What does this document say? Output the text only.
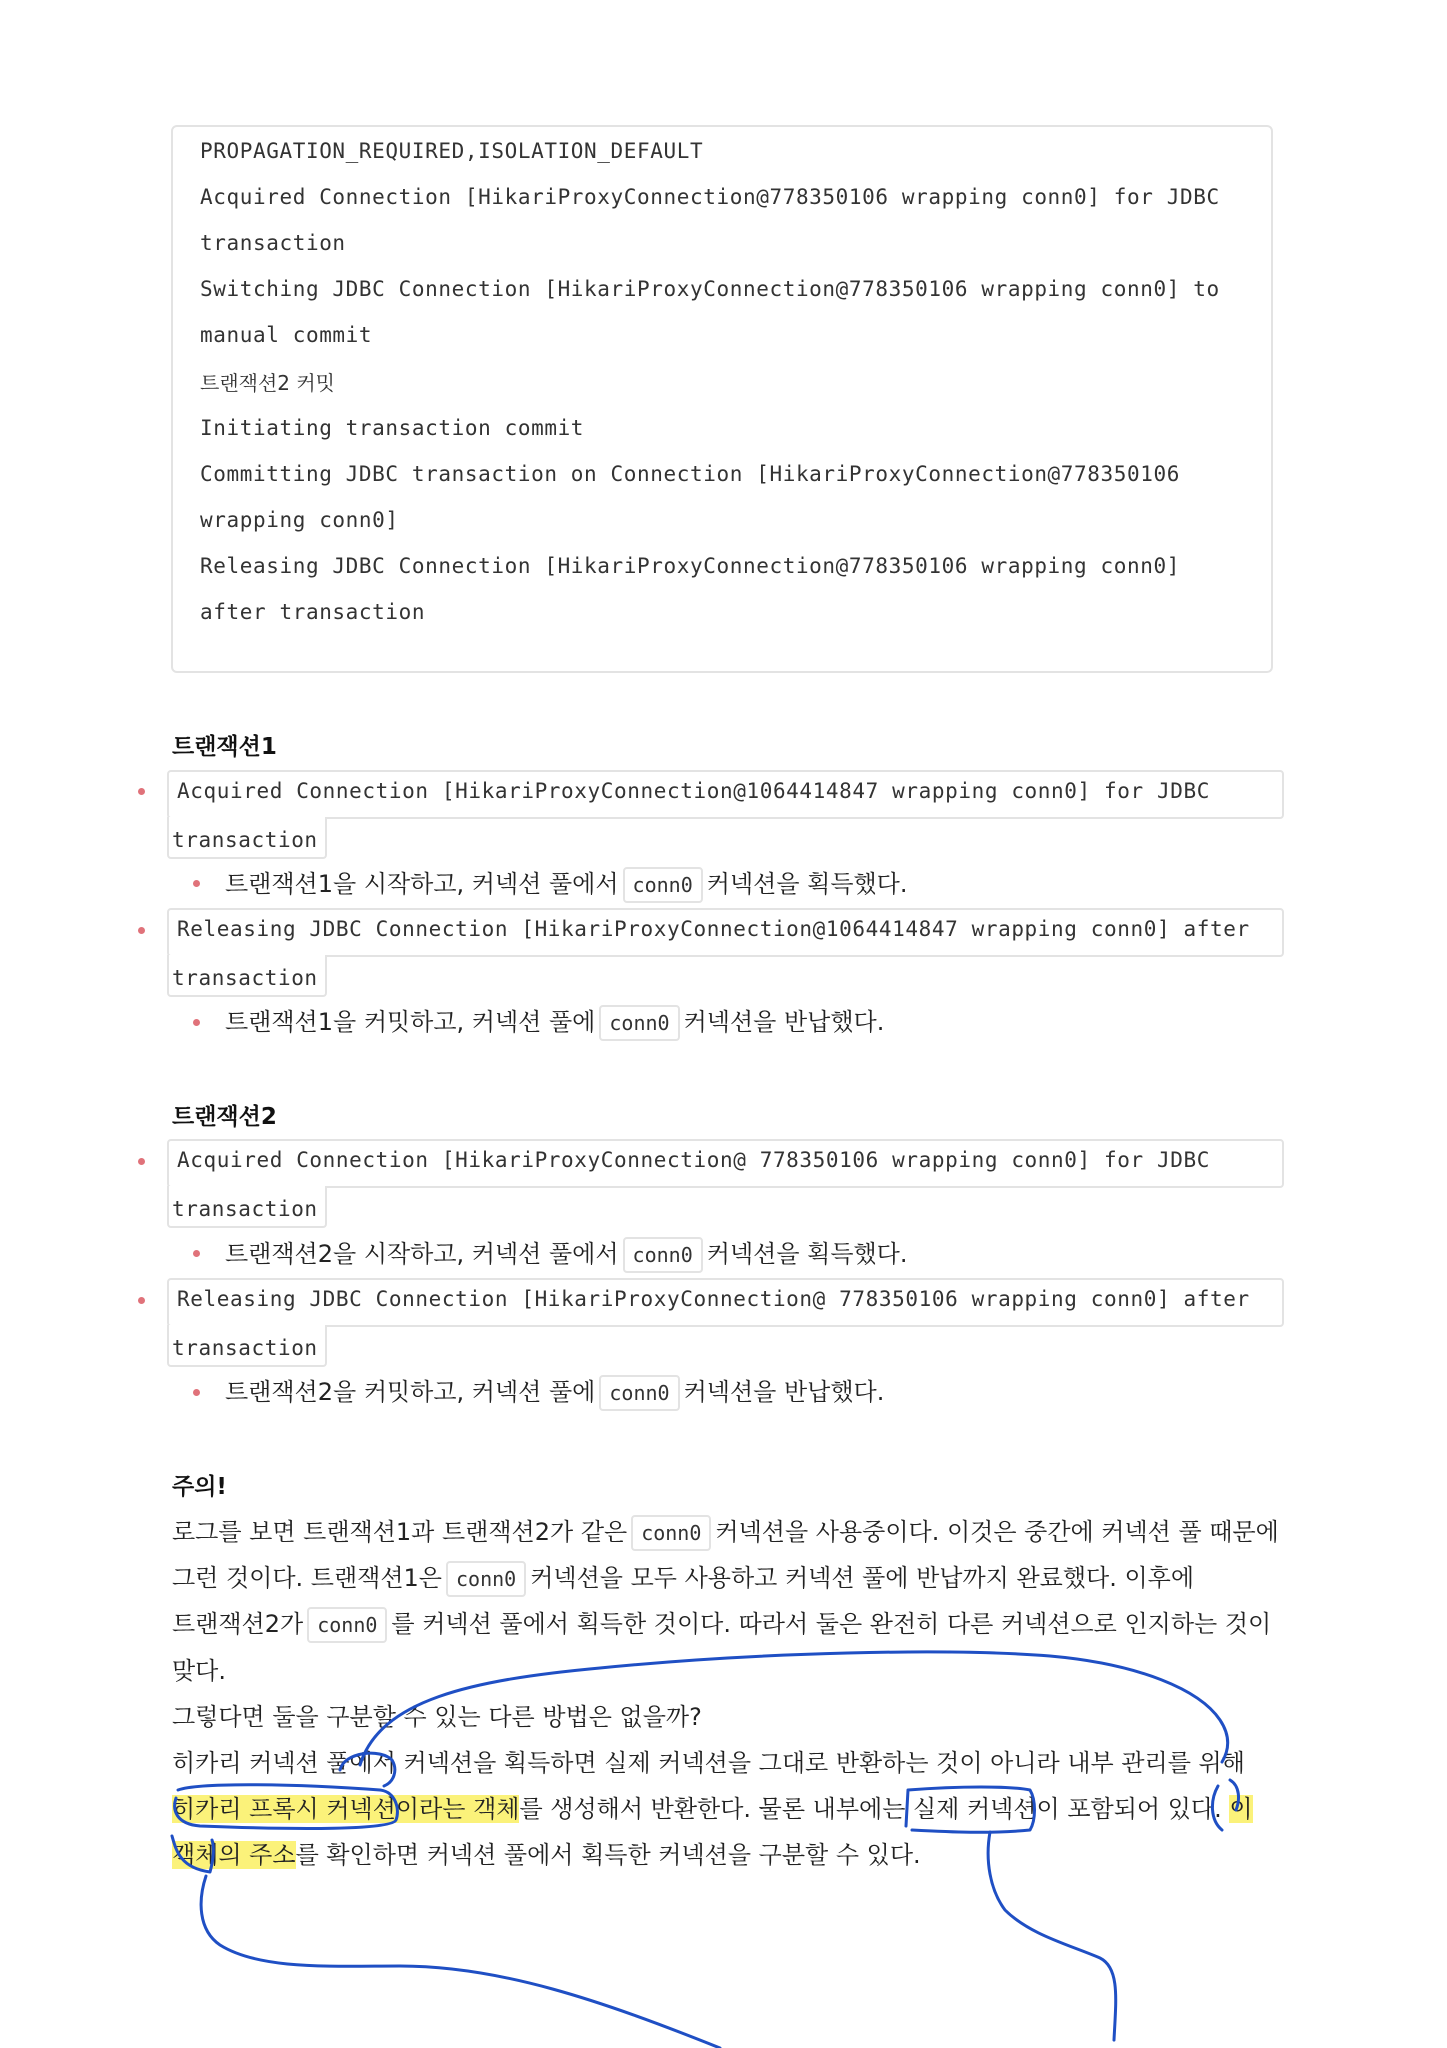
PROPAGATION_REQUIRED,ISOLATION_DEFAULT
Acquired Connection [HikariProxyConnection@778350106 wrapping conn0] for JDBC
transaction
Switching JDBC Connection [HikariProxyConnection@778350106 wrapping conn0] to
manual commit
트랜잭션2 커밋
Initiating transaction commit
Committing JDBC transaction on Connection [HikariProxyConnection@778350106
wrapping conn0]
Releasing JDBC Connection [HikariProxyConnection@778350106 wrapping conn0]
after transaction
트랜잭션1
Acquired Connection [HikariProxyConnection@1064414847 wrapping conn0] for JDBC
transaction
트랜잭션1을 시작하고, 커넥션 풀에서 conn0 커넥션을 획득했다.
Releasing JDBC Connection [HikariProxyConnection@1064414847 wrapping conn0] after
transaction
트랜잭션1을 커밋하고, 커넥션 풀에 conn0 커넥션을 반납했다.
트랜잭션2
Acquired Connection [HikariProxyConnection@ 778350106 wrapping conn0] for JDBC
transaction
트랜잭션2을 시작하고, 커넥션 풀에서 conn0 커넥션을 획득했다.
Releasing JDBC Connection [HikariProxyConnection@ 778350106 wrapping conn0] after
transaction
트랜잭션2을 커밋하고, 커넥션 풀에 conn0 커넥션을 반납했다.
주의!
로그를 보면 트랜잭션1과 트랜잭션2가 같은 conn0 커넥션을 사용중이다. 이것은 중간에 커넥션 풀 때문에
그런 것이다. 트랜잭션1은 conn0 커넥션을 모두 사용하고 커넥션 풀에 반납까지 완료했다. 이후에
트랜잭션2가 conn0 를 커넥션 풀에서 획득한 것이다. 따라서 둘은 완전히 다른 커넥션으로 인지하는 것이
맞다.
그렇다면 둘을 구분할 수 있는 다른 방법은 없을까?
히카리 커넥션 풀에서 커넥션을 획득하면 실제 커넥션을 그대로 반환하는 것이 아니라 내부 관리를 위해
히카리 프록시 커넥션이라는 객체를 생성해서 반환한다. 물론 내부에는 실제 커넥션이 포함되어 있다. 이
객체의 주소를 확인하면 커넥션 풀에서 획득한 커넥션을 구분할 수 있다.
